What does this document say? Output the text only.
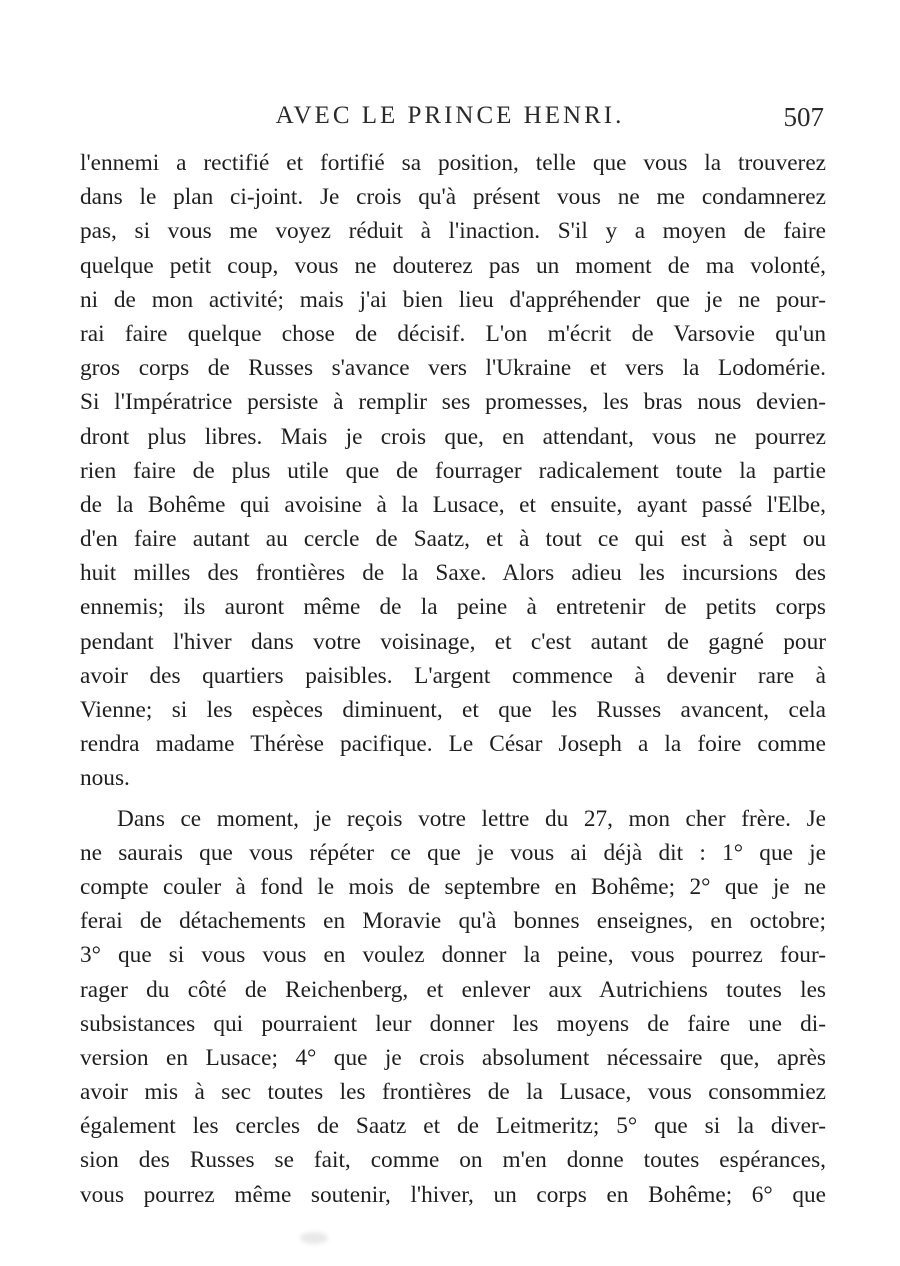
AVEC LE PRINCE HENRI.	507
l'ennemi a rectifié et fortifié sa position, telle que vous la trouverez
dans le plan ci-joint. Je crois qu'à présent vous ne me condamnerez
pas, si vous me voyez réduit à l'inaction. S'il y a moyen de faire
quelque petit coup, vous ne douterez pas un moment de ma volonté,
ni de mon activité; mais j'ai bien lieu d'appréhender que je ne pour-
rai faire quelque chose de décisif. L'on m'écrit de Varsovie qu'un
gros corps de Russes s'avance vers l'Ukraine et vers la Lodomérie.
Si l'Impératrice persiste à remplir ses promesses, les bras nous devien-
dront plus libres. Mais je crois que, en attendant, vous ne pourrez
rien faire de plus utile que de fourrager radicalement toute la partie
de la Bohême qui avoisine à la Lusace, et ensuite, ayant passé l'Elbe,
d'en faire autant au cercle de Saatz, et à tout ce qui est à sept ou
huit milles des frontières de la Saxe. Alors adieu les incursions des
ennemis; ils auront même de la peine à entretenir de petits corps
pendant l'hiver dans votre voisinage, et c'est autant de gagné pour
avoir des quartiers paisibles. L'argent commence à devenir rare à
Vienne; si les espèces diminuent, et que les Russes avancent, cela
rendra madame Thérèse pacifique. Le César Joseph a la foire comme
nous.
Dans ce moment, je reçois votre lettre du 27, mon cher frère. Je
ne saurais que vous répéter ce que je vous ai déjà dit : 1° que je
compte couler à fond le mois de septembre en Bohême; 2° que je ne
ferai de détachements en Moravie qu'à bonnes enseignes, en octobre;
3° que si vous vous en voulez donner la peine, vous pourrez four-
rager du côté de Reichenberg, et enlever aux Autrichiens toutes les
subsistances qui pourraient leur donner les moyens de faire une di-
version en Lusace; 4° que je crois absolument nécessaire que, après
avoir mis à sec toutes les frontières de la Lusace, vous consommiez
également les cercles de Saatz et de Leitmeritz; 5° que si la diver-
sion des Russes se fait, comme on m'en donne toutes espérances,
vous pourrez même soutenir, l'hiver, un corps en Bohême; 6° que
